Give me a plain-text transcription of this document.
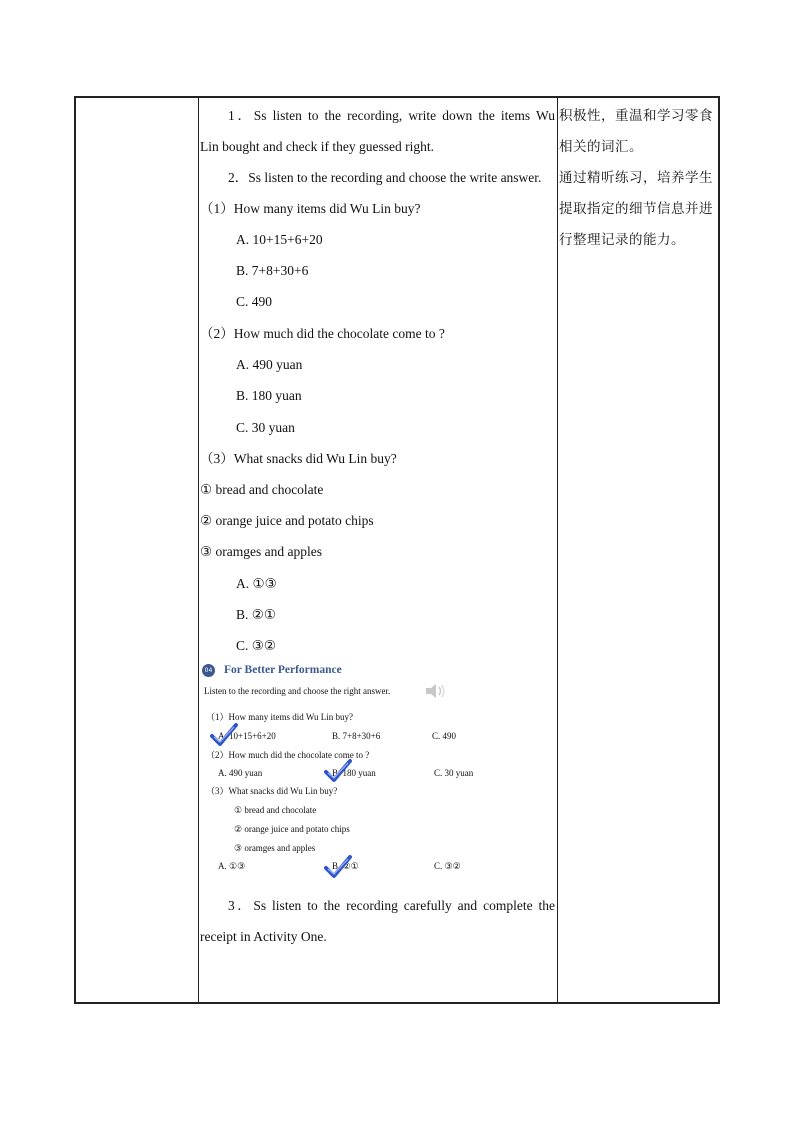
1．Ss listen to the recording, write down the items Wu
Lin bought and check if they guessed right.
2．Ss listen to the recording and choose the write answer.
（1）How many items did Wu Lin buy?
A. 10+15+6+20
B. 7+8+30+6
C. 490
（2）How much did the chocolate come to ?
A. 490 yuan
B. 180 yuan
C. 30 yuan
（3）What snacks did Wu Lin buy?
① bread and chocolate
② orange juice and potato chips
③ oramges and apples
A. ①③
B. ②①
C. ③②
04 For Better Performance
Listen to the recording and choose the right answer.
（1）How many items did Wu Lin buy?
A. 10+15+6+20	B. 7+8+30+6	C. 490
（2）How much did the chocolate come to ?
A. 490 yuan	B. 180 yuan	C. 30 yuan
（3）What snacks did Wu Lin buy?
① bread and chocolate
② orange juice and potato chips
③ oramges and apples
A. ①③	B. ②①	C. ③②
3．Ss listen to the recording carefully and complete the
receipt in Activity One.
积极性，重温和学习零食
相关的词汇。
通过精听练习，培养学生
提取指定的细节信息并进
行整理记录的能力。
